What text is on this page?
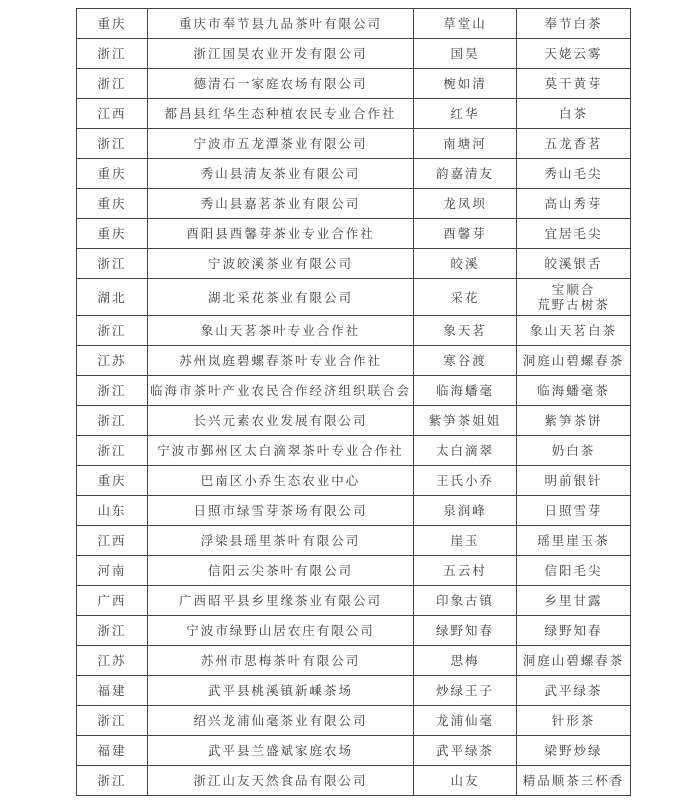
重庆	重庆市奉节县九品茶叶有限公司	草堂山	奉节白茶
浙江	浙江国昊农业开发有限公司	国昊	天姥云雾
浙江	德清石一家庭农场有限公司	椀如清	莫干黄芽
江西	都昌县红华生态种植农民专业合作社	红华	白茶
浙江	宁波市五龙潭茶业有限公司	南塘河	五龙香茗
重庆	秀山县清友茶业有限公司	韵嘉清友	秀山毛尖
重庆	秀山县嘉茗茶业有限公司	龙凤坝	高山秀芽
重庆	酉阳县酉馨芽茶业专业合作社	酉馨芽	宜居毛尖
浙江	宁波皎溪茶业有限公司	皎溪	皎溪银舌
湖北	湖北采花茶业有限公司	采花	宝顺合
荒野古树茶

浙江	象山天茗茶叶专业合作社	象天茗	象山天茗白茶
江苏	苏州岚庭碧螺春茶叶专业合作社	寒谷渡	洞庭山碧螺春茶
浙江	临海市茶叶产业农民合作经济组织联合会	临海蟠毫	临海蟠毫茶
浙江	长兴元素农业发展有限公司	紫笋茶姐姐	紫笋茶饼
浙江	宁波市鄞州区太白滴翠茶叶专业合作社	太白滴翠	奶白茶
重庆	巴南区小乔生态农业中心	王氏小乔	明前银针
山东	日照市绿雪芽茶场有限公司	泉润峰	日照雪芽
江西	浮梁县瑶里茶叶有限公司	崖玉	瑶里崖玉茶
河南	信阳云尖茶叶有限公司	五云村	信阳毛尖
广西	广西昭平县乡里缘茶业有限公司	印象古镇	乡里甘露
浙江	宁波市绿野山居农庄有限公司	绿野知春	绿野知春
江苏	苏州市思梅茶叶有限公司	思梅	洞庭山碧螺春茶
福建	武平县桃溪镇新嵊茶场	炒绿王子	武平绿茶
浙江	绍兴龙浦仙毫茶业有限公司	龙浦仙毫	针形茶
福建	武平县兰盛斌家庭农场	武平绿茶	梁野炒绿
浙江	浙江山友天然食品有限公司	山友	精品顺茶三杯香
